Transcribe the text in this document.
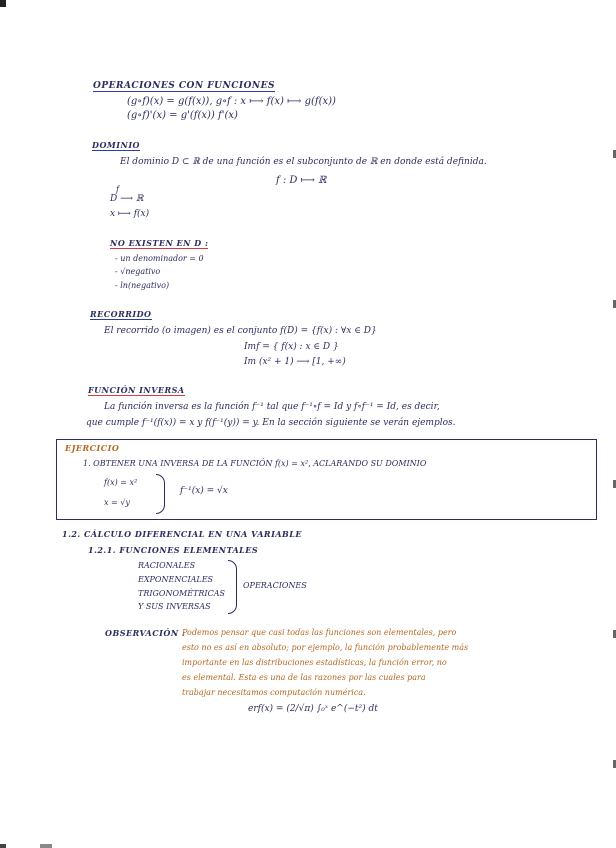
OPERACIONES CON FUNCIONES
(g∘f)(x) = g(f(x)), g∘f : x ⟼ f(x) ⟼ g(f(x))
(g∘f)'(x) = g'(f(x)) f'(x)
DOMINIO
El dominio D ⊂ ℝ de una función es el subconjunto de ℝ en donde está definida.
f : D ⟼ ℝ
f
D ⟶ ℝ
x ⟼ f(x)
NO EXISTEN EN D :
- un denominador = 0
- √negativo
- ln(negativo)
RECORRIDO
El recorrido (o imagen) es el conjunto f(D) = {f(x) : ∀x ∈ D}
Imf = { f(x) : x ∈ D }
Im (x² + 1) ⟶ [1, +∞)
FUNCIÓN INVERSA
La función inversa es la función f⁻¹ tal que f⁻¹∘f = Id y f∘f⁻¹ = Id, es decir,
que cumple f⁻¹(f(x)) = x y f(f⁻¹(y)) = y. En la sección siguiente se verán ejemplos.
EJERCICIO
1. OBTENER UNA INVERSA DE LA FUNCIÓN f(x) = x², ACLARANDO SU DOMINIO
f(x) = x²
x = √y
f⁻¹(x) = √x
1.2. CÁLCULO DIFERENCIAL EN UNA VARIABLE
1.2.1. FUNCIONES ELEMENTALES
RACIONALES
EXPONENCIALES
TRIGONOMÉTRICAS
Y SUS INVERSAS
OPERACIONES
OBSERVACIÓN :
Podemos pensar que casi todas las funciones son elementales, pero
esto no es así en absoluto; por ejemplo, la función probablemente más
importante en las distribuciones estadísticas, la función error, no
es elemental. Esta es una de las razones por las cuales para
trabajar necesitamos computación numérica.
erf(x) = (2/√π) ∫₀ˣ e^(−t²) dt
